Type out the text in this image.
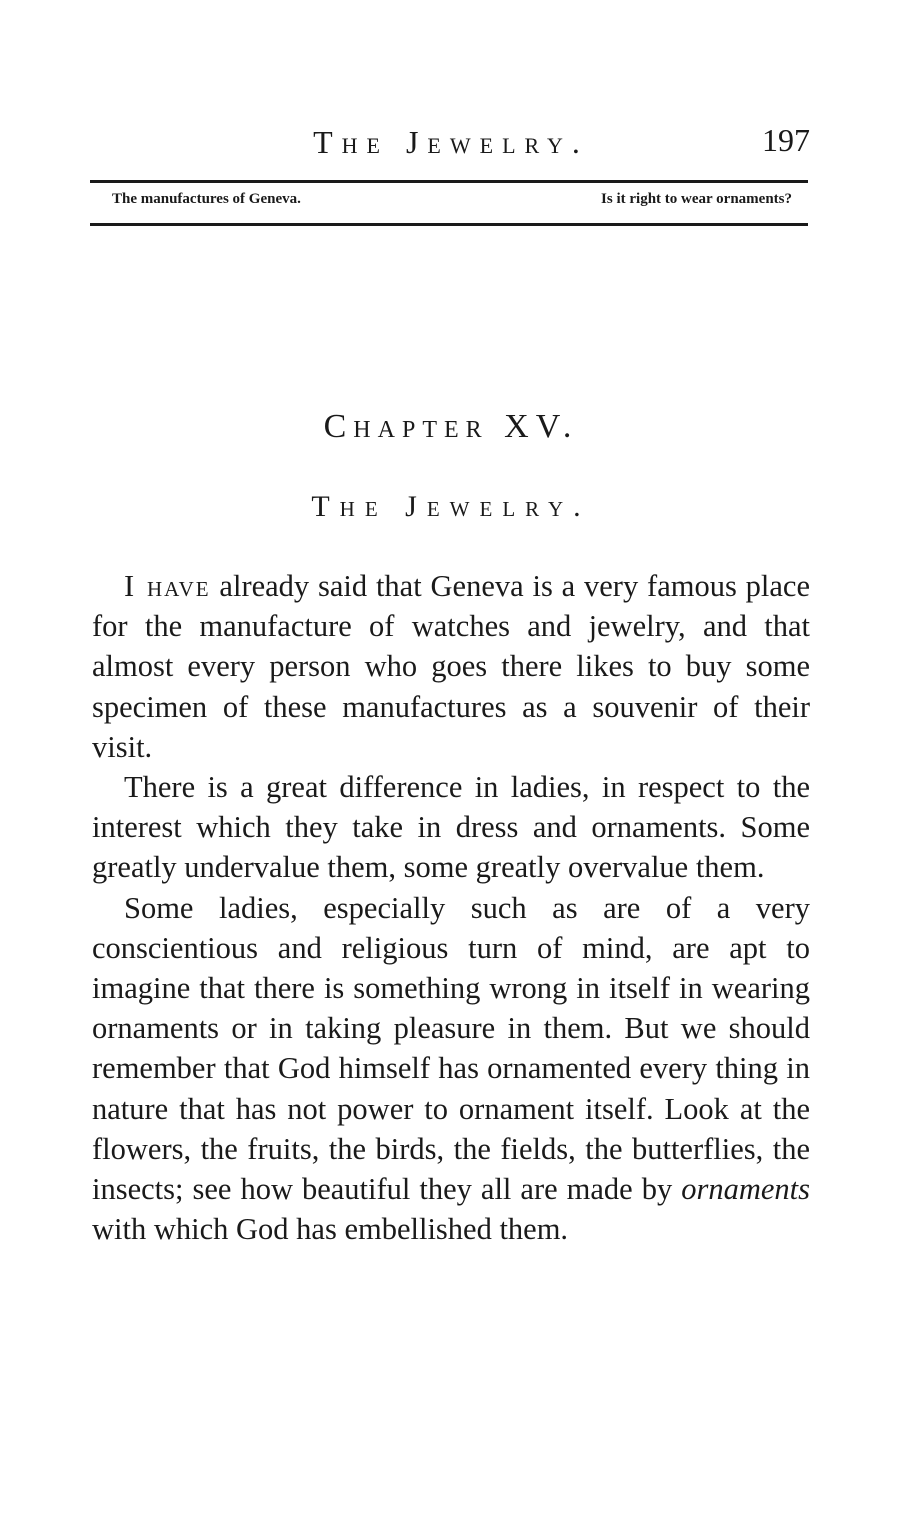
The Jewelry.	197
The manufactures of Geneva.	Is it right to wear ornaments?
Chapter XV.
The Jewelry.

I have already said that Geneva is a very famous place for the manufacture of watches and jewelry, and that almost every person who goes there likes to buy some specimen of these manufactures as a souvenir of their visit.

There is a great difference in ladies, in respect to the interest which they take in dress and ornaments. Some greatly undervalue them, some greatly overvalue them.

Some ladies, especially such as are of a very conscientious and religious turn of mind, are apt to imagine that there is something wrong in itself in wearing ornaments or in taking pleasure in them. But we should remember that God himself has ornamented every thing in nature that has not power to ornament itself. Look at the flowers, the fruits, the birds, the fields, the butterflies, the insects; see how beautiful they all are made by ornaments with which God has embellished them.
